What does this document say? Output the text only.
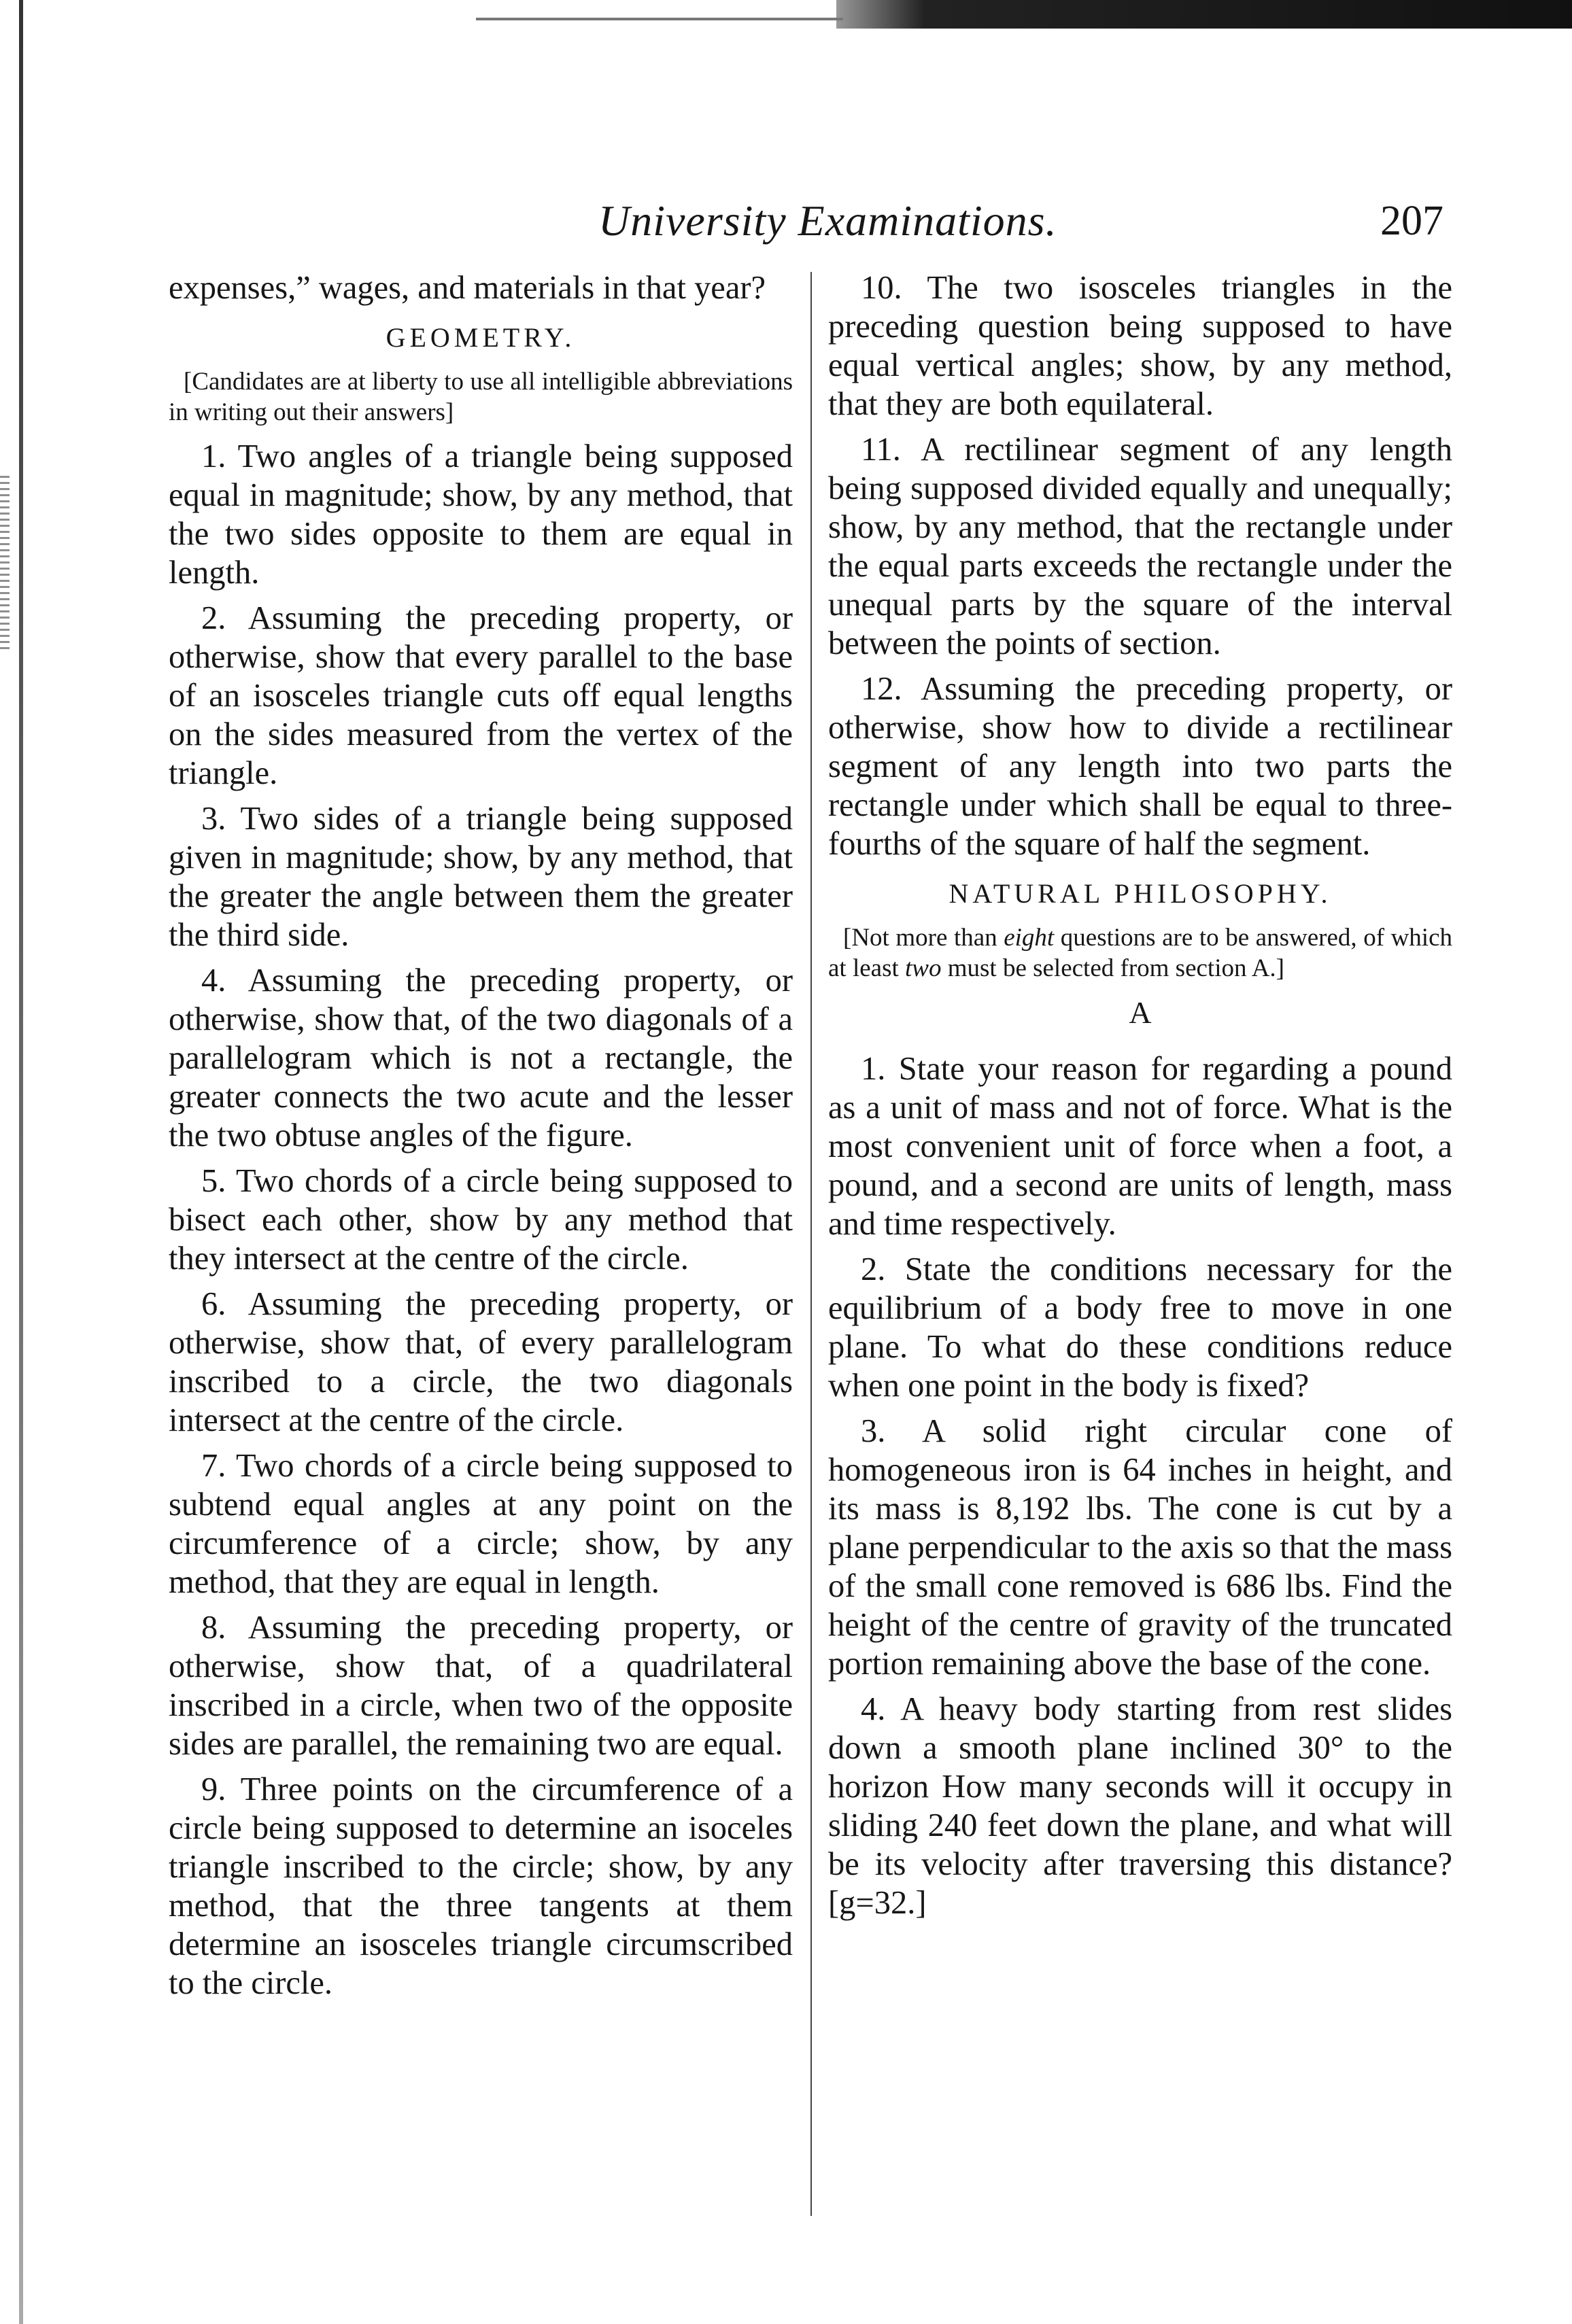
University Examinations.	207

expenses,” wages, and materials in that year?

GEOMETRY.

[Candidates are at liberty to use all intelligible abbreviations in writing out their answers]

1. Two angles of a triangle being supposed equal in magnitude; show, by any method, that the two sides opposite to them are equal in length.

2. Assuming the preceding property, or otherwise, show that every parallel to the base of an isosceles triangle cuts off equal lengths on the sides measured from the vertex of the triangle.

3. Two sides of a triangle being supposed given in magnitude; show, by any method, that the greater the angle between them the greater the third side.

4. Assuming the preceding property, or otherwise, show that, of the two diagonals of a parallelogram which is not a rectangle, the greater connects the two acute and the lesser the two obtuse angles of the figure.

5. Two chords of a circle being supposed to bisect each other, show by any method that they intersect at the centre of the circle.

6. Assuming the preceding property, or otherwise, show that, of every parallelogram inscribed to a circle, the two diagonals intersect at the centre of the circle.

7. Two chords of a circle being supposed to subtend equal angles at any point on the circumference of a circle; show, by any method, that they are equal in length.

8. Assuming the preceding property, or otherwise, show that, of a quadrilateral inscribed in a circle, when two of the opposite sides are parallel, the remaining two are equal.

9. Three points on the circumference of a circle being supposed to determine an isoceles triangle inscribed to the circle; show, by any method, that the three tangents at them determine an isosceles triangle circumscribed to the circle.

10. The two isosceles triangles in the preceding question being supposed to have equal vertical angles; show, by any method, that they are both equilateral.

11. A rectilinear segment of any length being supposed divided equally and unequally; show, by any method, that the rectangle under the equal parts exceeds the rectangle under the unequal parts by the square of the interval between the points of section.

12. Assuming the preceding property, or otherwise, show how to divide a rectilinear segment of any length into two parts the rectangle under which shall be equal to three-fourths of the square of half the segment.

NATURAL PHILOSOPHY.

[Not more than eight questions are to be answered, of which at least two must be selected from section A.]

A

1. State your reason for regarding a pound as a unit of mass and not of force. What is the most convenient unit of force when a foot, a pound, and a second are units of length, mass and time respectively.

2. State the conditions necessary for the equilibrium of a body free to move in one plane. To what do these conditions reduce when one point in the body is fixed?

3. A solid right circular cone of homogeneous iron is 64 inches in height, and its mass is 8,192 lbs. The cone is cut by a plane perpendicular to the axis so that the mass of the small cone removed is 686 lbs. Find the height of the centre of gravity of the truncated portion remaining above the base of the cone.

4. A heavy body starting from rest slides down a smooth plane inclined 30° to the horizon How many seconds will it occupy in sliding 240 feet down the plane, and what will be its velocity after traversing this distance? [g=32.]
